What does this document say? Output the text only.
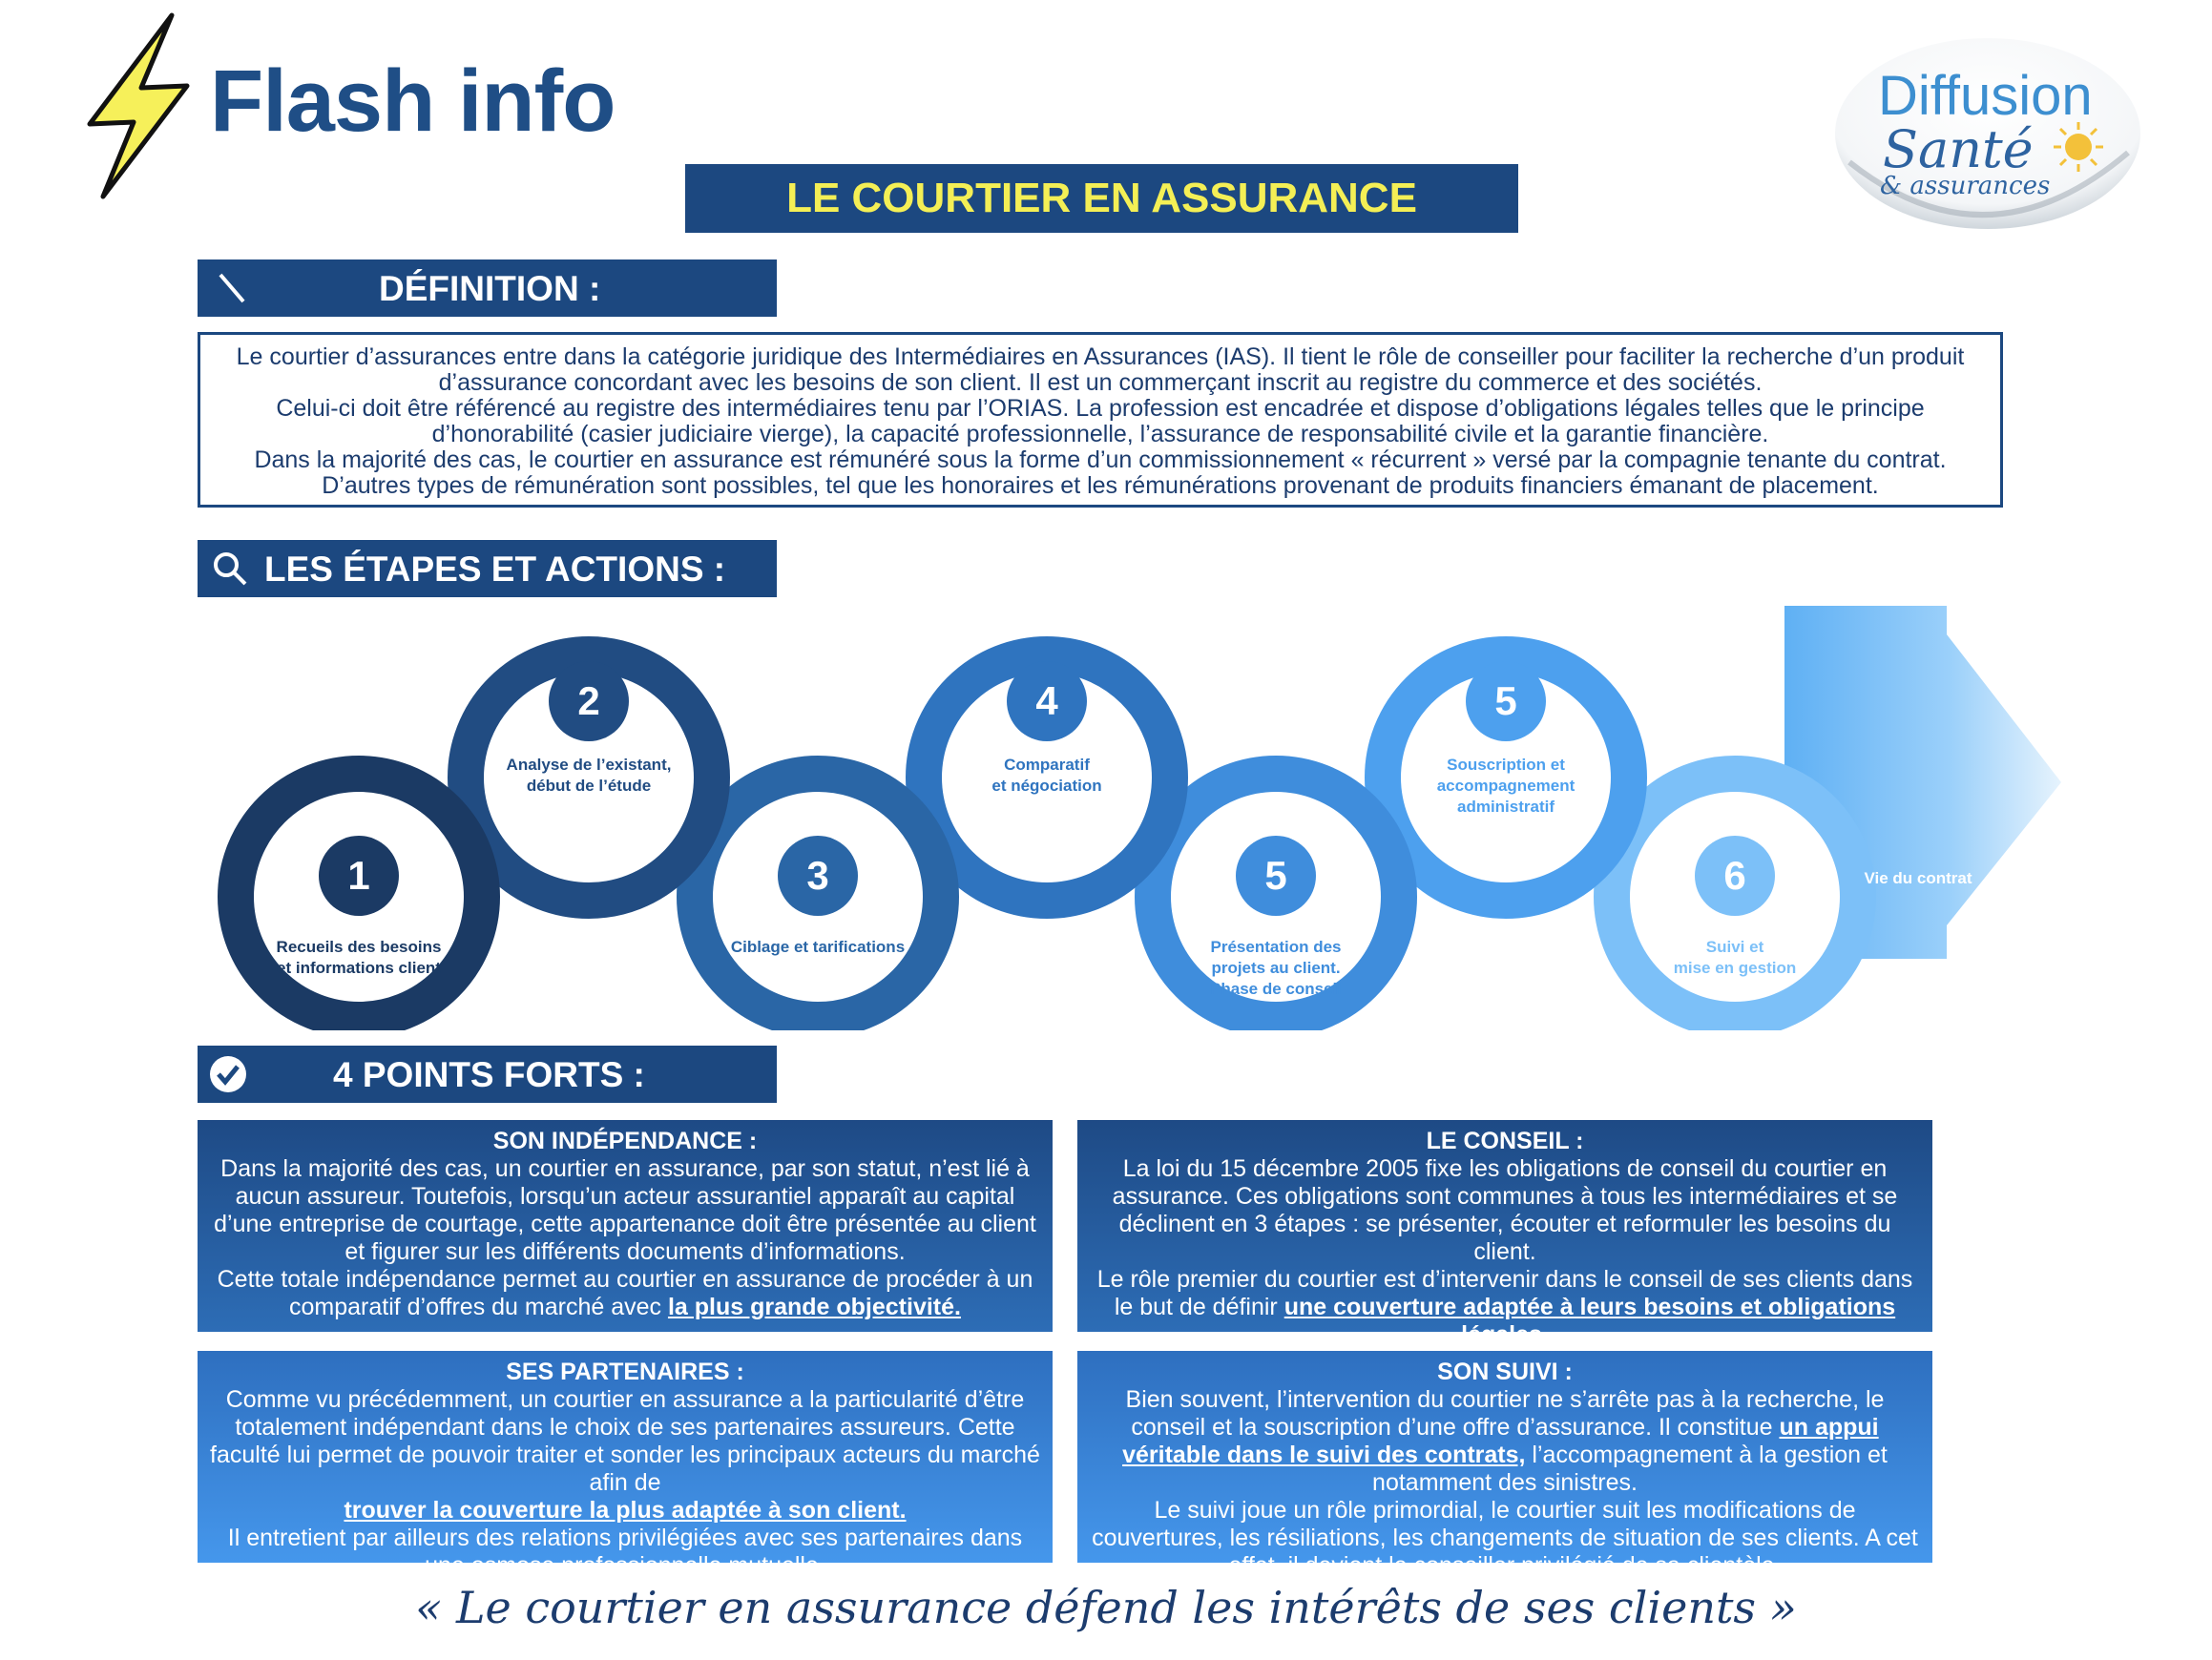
Flash info	Diffusion
Santé
& assurances
LE COURTIER EN ASSURANCE
DÉFINITION :
Le courtier d’assurances entre dans la catégorie juridique des Intermédiaires en Assurances (IAS). Il tient le rôle de conseiller pour faciliter la recherche d’un produit
d’assurance concordant avec les besoins de son client. Il est un commerçant inscrit au registre du commerce et des sociétés.
Celui-ci doit être référencé au registre des intermédiaires tenu par l’ORIAS. La profession est encadrée et dispose d’obligations légales telles que le principe
d’honorabilité (casier judiciaire vierge), la capacité professionnelle, l’assurance de responsabilité civile et la garantie financière.
Dans la majorité des cas, le courtier en assurance est rémunéré sous la forme d’un commissionnement « récurrent » versé par la compagnie tenante du contrat.
D’autres types de rémunération sont possibles, tel que les honoraires et les rémunérations provenant de produits financiers émanant de placement.
LES ÉTAPES ET ACTIONS :
Vie du contrat
1
Recueils des besoins
et informations client
2
Analyse de l’existant,
début de l’étude
3
Ciblage et tarifications
4
Comparatif
et négociation
5
Présentation des
projets au client.
Phase de conseil
5
Souscription et
accompagnement
administratif
6
Suivi et
mise en gestion
4 POINTS FORTS :
SON INDÉPENDANCE :
Dans la majorité des cas, un courtier en assurance, par son statut, n’est lié à aucun assureur. Toutefois, lorsqu’un acteur assurantiel apparaît au capital d’une entreprise de courtage, cette appartenance doit être présentée au client et figurer sur les différents documents d’informations.
Cette totale indépendance permet au courtier en assurance de procéder à un comparatif d’offres du marché avec la plus grande objectivité.
LE CONSEIL :
La loi du 15 décembre 2005 fixe les obligations de conseil du courtier en assurance. Ces obligations sont communes à tous les intermédiaires et se déclinent en 3 étapes : se présenter, écouter et reformuler les besoins du client.
Le rôle premier du courtier est d’intervenir dans le conseil de ses clients dans le but de définir une couverture adaptée à leurs besoins et obligations légales.
SES PARTENAIRES :
Comme vu précédemment, un courtier en assurance a la particularité d’être totalement indépendant dans le choix de ses partenaires assureurs. Cette faculté lui permet de pouvoir traiter et sonder les principaux acteurs du marché afin de
trouver la couverture la plus adaptée à son client.
Il entretient par ailleurs des relations privilégiées avec ses partenaires dans une osmose professionnelle mutuelle.
SON SUIVI :
Bien souvent, l’intervention du courtier ne s’arrête pas à la recherche, le conseil et la souscription d’une offre d’assurance. Il constitue un appui véritable dans le suivi des contrats, l’accompagnement à la gestion et notamment des sinistres.
Le suivi joue un rôle primordial, le courtier suit les modifications de couvertures, les résiliations, les changements de situation de ses clients. A cet effet, il devient le conseiller privilégié de sa clientèle.
« Le courtier en assurance défend les intérêts de ses clients »
